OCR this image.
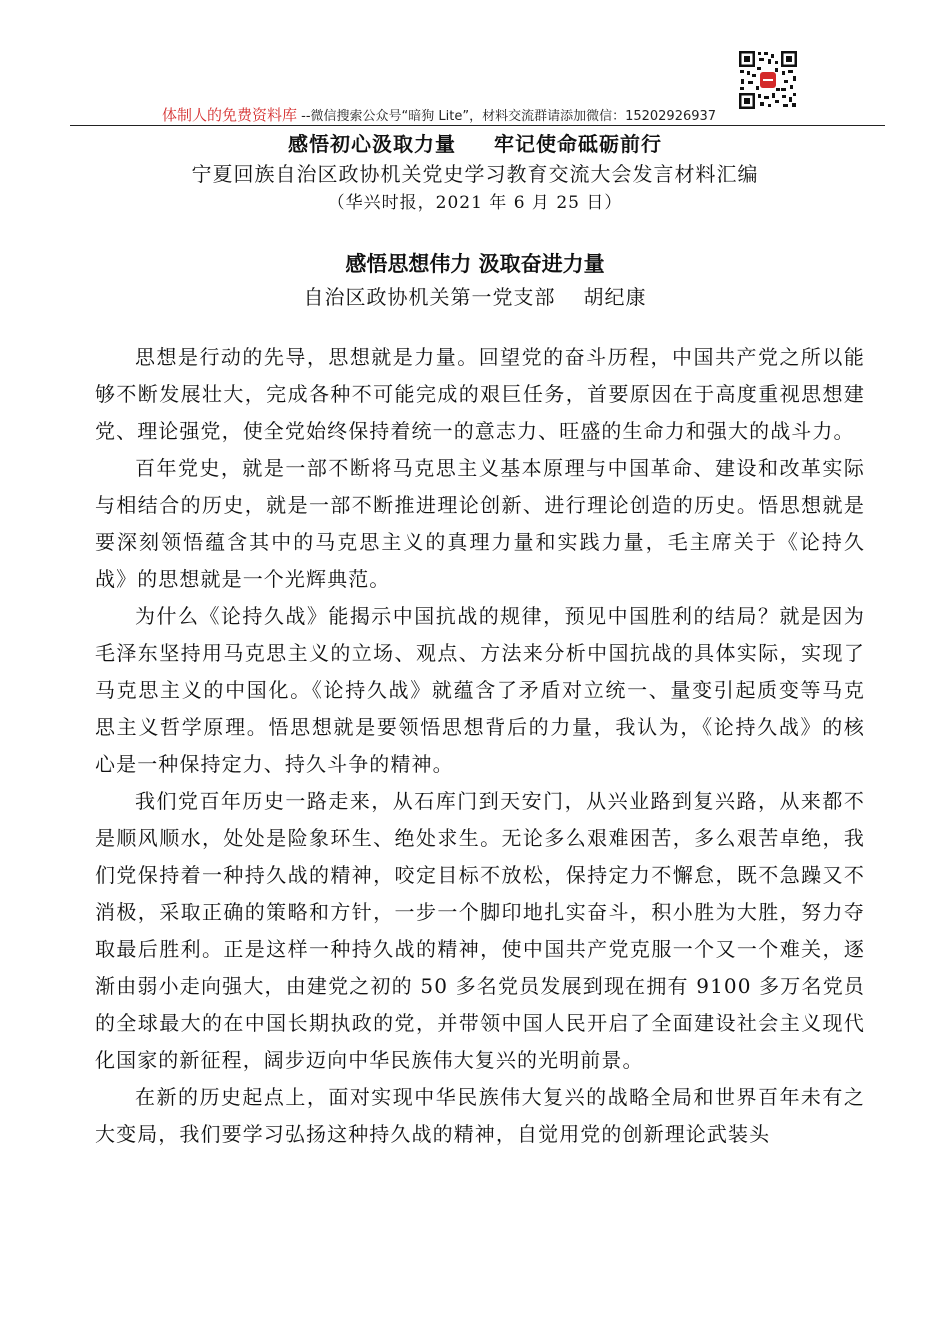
体制人的免费资料库 --微信搜索公众号“暗狗 Lite”，材料交流群请添加微信：15202926937
感悟初心汲取力量 牢记使命砥砺前行
宁夏回族自治区政协机关党史学习教育交流大会发言材料汇编
（华兴时报，2021 年 6 月 25 日）
感悟思想伟力 汲取奋进力量
自治区政协机关第一党支部 胡纪康

思想是行动的先导，思想就是力量。回望党的奋斗历程，中国共产党之所以能够不断发展壮大，完成各种不可能完成的艰巨任务，首要原因在于高度重视思想建党、理论强党，使全党始终保持着统一的意志力、旺盛的生命力和强大的战斗力。

百年党史，就是一部不断将马克思主义基本原理与中国革命、建设和改革实际与相结合的历史，就是一部不断推进理论创新、进行理论创造的历史。悟思想就是要深刻领悟蕴含其中的马克思主义的真理力量和实践力量，毛主席关于《论持久战》的思想就是一个光辉典范。

为什么《论持久战》能揭示中国抗战的规律，预见中国胜利的结局？就是因为毛泽东坚持用马克思主义的立场、观点、方法来分析中国抗战的具体实际，实现了马克思主义的中国化。《论持久战》就蕴含了矛盾对立统一、量变引起质变等马克思主义哲学原理。悟思想就是要领悟思想背后的力量，我认为，《论持久战》的核心是一种保持定力、持久斗争的精神。

我们党百年历史一路走来，从石库门到天安门，从兴业路到复兴路，从来都不是顺风顺水，处处是险象环生、绝处求生。无论多么艰难困苦，多么艰苦卓绝，我们党保持着一种持久战的精神，咬定目标不放松，保持定力不懈怠，既不急躁又不消极，采取正确的策略和方针，一步一个脚印地扎实奋斗，积小胜为大胜，努力夺取最后胜利。正是这样一种持久战的精神，使中国共产党克服一个又一个难关，逐渐由弱小走向强大，由建党之初的 50 多名党员发展到现在拥有 9100 多万名党员的全球最大的在中国长期执政的党，并带领中国人民开启了全面建设社会主义现代化国家的新征程，阔步迈向中华民族伟大复兴的光明前景。

在新的历史起点上，面对实现中华民族伟大复兴的战略全局和世界百年未有之大变局，我们要学习弘扬这种持久战的精神，自觉用党的创新理论武装头
